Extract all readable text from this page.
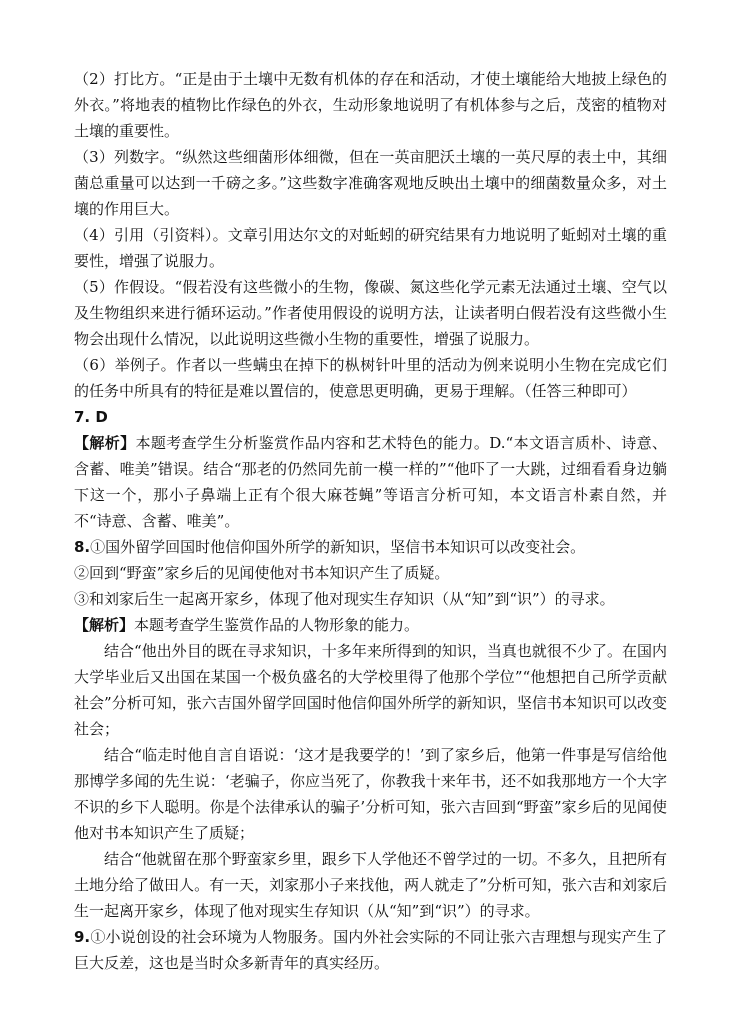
（2）打比方。“正是由于土壤中无数有机体的存在和活动，才使土壤能给大地披上绿色的外衣。”将地表的植物比作绿色的外衣，生动形象地说明了有机体参与之后，茂密的植物对土壤的重要性。

（3）列数字。“纵然这些细菌形体细微，但在一英亩肥沃土壤的一英尺厚的表土中，其细菌总重量可以达到一千磅之多。”这些数字准确客观地反映出土壤中的细菌数量众多，对土壤的作用巨大。

（4）引用（引资料）。文章引用达尔文的对蚯蚓的研究结果有力地说明了蚯蚓对土壤的重要性，增强了说服力。

（5）作假设。“假若没有这些微小的生物，像碳、氮这些化学元素无法通过土壤、空气以及生物组织来进行循环运动。”作者使用假设的说明方法，让读者明白假若没有这些微小生物会出现什么情况，以此说明这些微小生物的重要性，增强了说服力。

（6）举例子。作者以一些螨虫在掉下的枞树针叶里的活动为例来说明小生物在完成它们的任务中所具有的特征是难以置信的，使意思更明确，更易于理解。（任答三种即可）

7. D

【解析】本题考查学生分析鉴赏作品内容和艺术特色的能力。D.“本文语言质朴、诗意、含蓄、唯美”错误。结合“那老的仍然同先前一模一样的”“他吓了一大跳，过细看看身边躺下这一个，那小子鼻端上正有个很大麻苍蝇”等语言分析可知，本文语言朴素自然，并不“诗意、含蓄、唯美”。

8.①国外留学回国时他信仰国外所学的新知识，坚信书本知识可以改变社会。

②回到“野蛮”家乡后的见闻使他对书本知识产生了质疑。

③和刘家后生一起离开家乡，体现了他对现实生存知识（从“知”到“识”）的寻求。

【解析】本题考查学生鉴赏作品的人物形象的能力。

结合“他出外目的既在寻求知识，十多年来所得到的知识，当真也就很不少了。在国内大学毕业后又出国在某国一个极负盛名的大学校里得了他那个学位”“他想把自己所学贡献社会”分析可知，张六吉国外留学回国时他信仰国外所学的新知识，坚信书本知识可以改变社会；

结合“临走时他自言自语说：‘这才是我要学的！’到了家乡后，他第一件事是写信给他那博学多闻的先生说：‘老骗子，你应当死了，你教我十来年书，还不如我那地方一个大字不识的乡下人聪明。你是个法律承认的骗子’分析可知，张六吉回到“野蛮”家乡后的见闻使他对书本知识产生了质疑；

结合“他就留在那个野蛮家乡里，跟乡下人学他还不曾学过的一切。不多久，且把所有土地分给了做田人。有一天，刘家那小子来找他，两人就走了”分析可知，张六吉和刘家后生一起离开家乡，体现了他对现实生存知识（从“知”到“识”）的寻求。

9.①小说创设的社会环境为人物服务。国内外社会实际的不同让张六吉理想与现实产生了巨大反差，这也是当时众多新青年的真实经历。
